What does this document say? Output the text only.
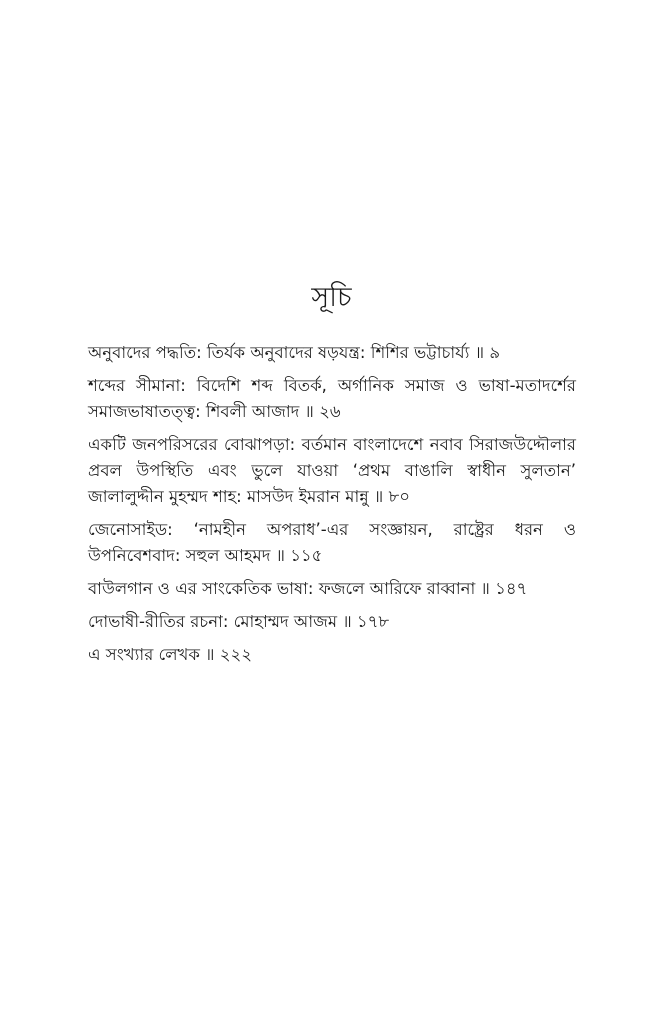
সূচি
অনুবাদের পদ্ধতি: তির্যক অনুবাদের ষড়যন্ত্র: শিশির ভট্টাচার্য্য ॥ ৯
শব্দের সীমানা: বিদেশি শব্দ বিতর্ক, অর্গানিক সমাজ ও ভাষা-মতাদর্শের সমাজভাষাতত্ত্ব: শিবলী আজাদ ॥ ২৬
একটি জনপরিসরের বোঝাপড়া: বর্তমান বাংলাদেশে নবাব সিরাজউদ্দৌলার প্রবল উপস্থিতি এবং ভুলে যাওয়া ‘প্রথম বাঙালি স্বাধীন সুলতান’ জালালুদ্দীন মুহম্মদ শাহ: মাসউদ ইমরান মান্নু ॥ ৮০
জেনোসাইড: ‘নামহীন অপরাধ’-এর সংজ্ঞায়ন, রাষ্ট্রের ধরন ও উপনিবেশবাদ: সহুল আহমদ ॥ ১১৫
বাউলগান ও এর সাংকেতিক ভাষা: ফজলে আরিফে রাব্বানা ॥ ১৪৭
দোভাষী-রীতির রচনা: মোহাম্মদ আজম ॥ ১৭৮
এ সংখ্যার লেখক ॥ ২২২
